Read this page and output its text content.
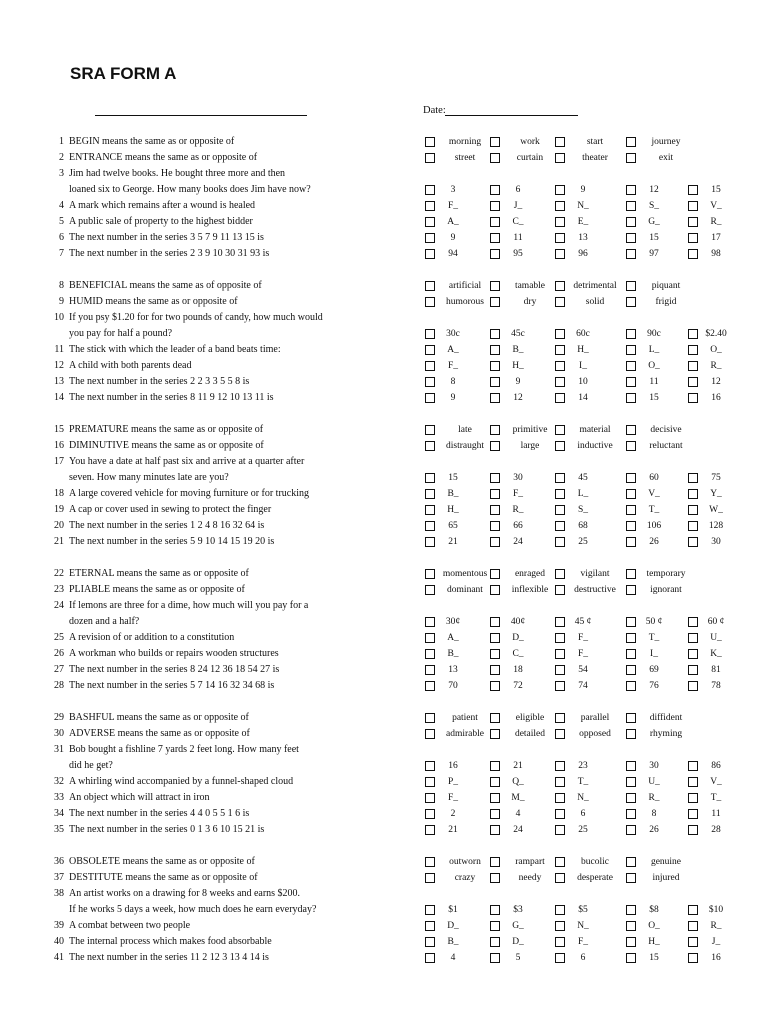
SRA FORM A
Date:
1 BEGIN means the same as or opposite of	morning	work	start	journey
2 ENTRANCE means the same as or opposite of	street	curtain	theater	exit
3 Jim had twelve books. He bought three more and then
loaned six to George. How many books does Jim have now?	3	6	9	12	15
4 A mark which remains after a wound is healed	F_	J_	N_	S_	V_
5 A public sale of property to the highest bidder	A_	C_	E_	G_	R_
6 The next number in the series 3 5 7 9 11 13 15 is	9	11	13	15	17
7 The next number in the series 2 3 9 10 30 31 93 is	94	95	96	97	98
8 BENEFICIAL means the same as of opposite of	artificial	tamable	detrimental	piquant
9 HUMID means the same as or opposite of	humorous	dry	solid	frigid
10 If you psy $1.20 for for two pounds of candy, how much would
you pay for half a pound?	30c	45c	60c	90c	$2.40
11 The stick with which the leader of a band beats time:	A_	B_	H_	L_	O_
12 A child with both parents dead	F_	H_	I_	O_	R_
13 The next number in the series 2 2 3 3 5 5 8 is	8	9	10	11	12
14 The next number in the series 8 11 9 12 10 13 11 is	9	12	14	15	16
15 PREMATURE means the same as or opposite of	late	primitive	material	decisive
16 DIMINUTIVE means the same as or opposite of	distraught	large	inductive	reluctant
17 You have a date at half past six and arrive at a quarter after
seven. How many minutes late are you?	15	30	45	60	75
18 A large covered vehicle for moving furniture or for trucking	B_	F_	L_	V_	Y_
19 A cap or cover used in sewing to protect the finger	H_	R_	S_	T_	W_
20 The next number in the series 1 2 4 8 16 32 64 is	65	66	68	106	128
21 The next number in the series 5 9 10 14 15 19 20 is	21	24	25	26	30
22 ETERNAL means the same as or opposite of	momentous	enraged	vigilant	temporary
23 PLIABLE means the same as or opposite of	dominant	inflexible	destructive	ignorant
24 If lemons are three for a dime, how much will you pay for a
dozen and a half?	30¢	40¢	45 ¢	50 ¢	60 ¢
25 A revision of or addition to a constitution	A_	D_	F_	T_	U_
26 A workman who builds or repairs wooden structures	B_	C_	F_	I_	K_
27 The next number in the series 8 24 12 36 18 54 27 is	13	18	54	69	81
28 The next number in the series 5 7 14 16 32 34 68 is	70	72	74	76	78
29 BASHFUL means the same as or opposite of	patient	eligible	parallel	diffident
30 ADVERSE means the same as or opposite of	admirable	detailed	opposed	rhyming
31 Bob bought a fishline 7 yards 2 feet long. How many feet
did he get?	16	21	23	30	86
32 A whirling wind accompanied by a funnel-shaped cloud	P_	Q_	T_	U_	V_
33 An object which will attract in iron	F_	M_	N_	R_	T_
34 The next number in the series 4 4 0 5 5 1 6 is	2	4	6	8	11
35 The next number in the series 0 1 3 6 10 15 21 is	21	24	25	26	28
36 OBSOLETE means the same as or opposite of	outworn	rampart	bucolic	genuine
37 DESTITUTE means the same as or opposite of	crazy	needy	desperate	injured
38 An artist works on a drawing for 8 weeks and earns $200.
If he works 5 days a week, how much does he earn everyday?	$1	$3	$5	$8	$10
39 A combat between two people	D_	G_	N_	O_	R_
40 The internal process which makes food absorbable	B_	D_	F_	H_	J_
41 The next number in the series 11 2 12 3 13 4 14 is	4	5	6	15	16
